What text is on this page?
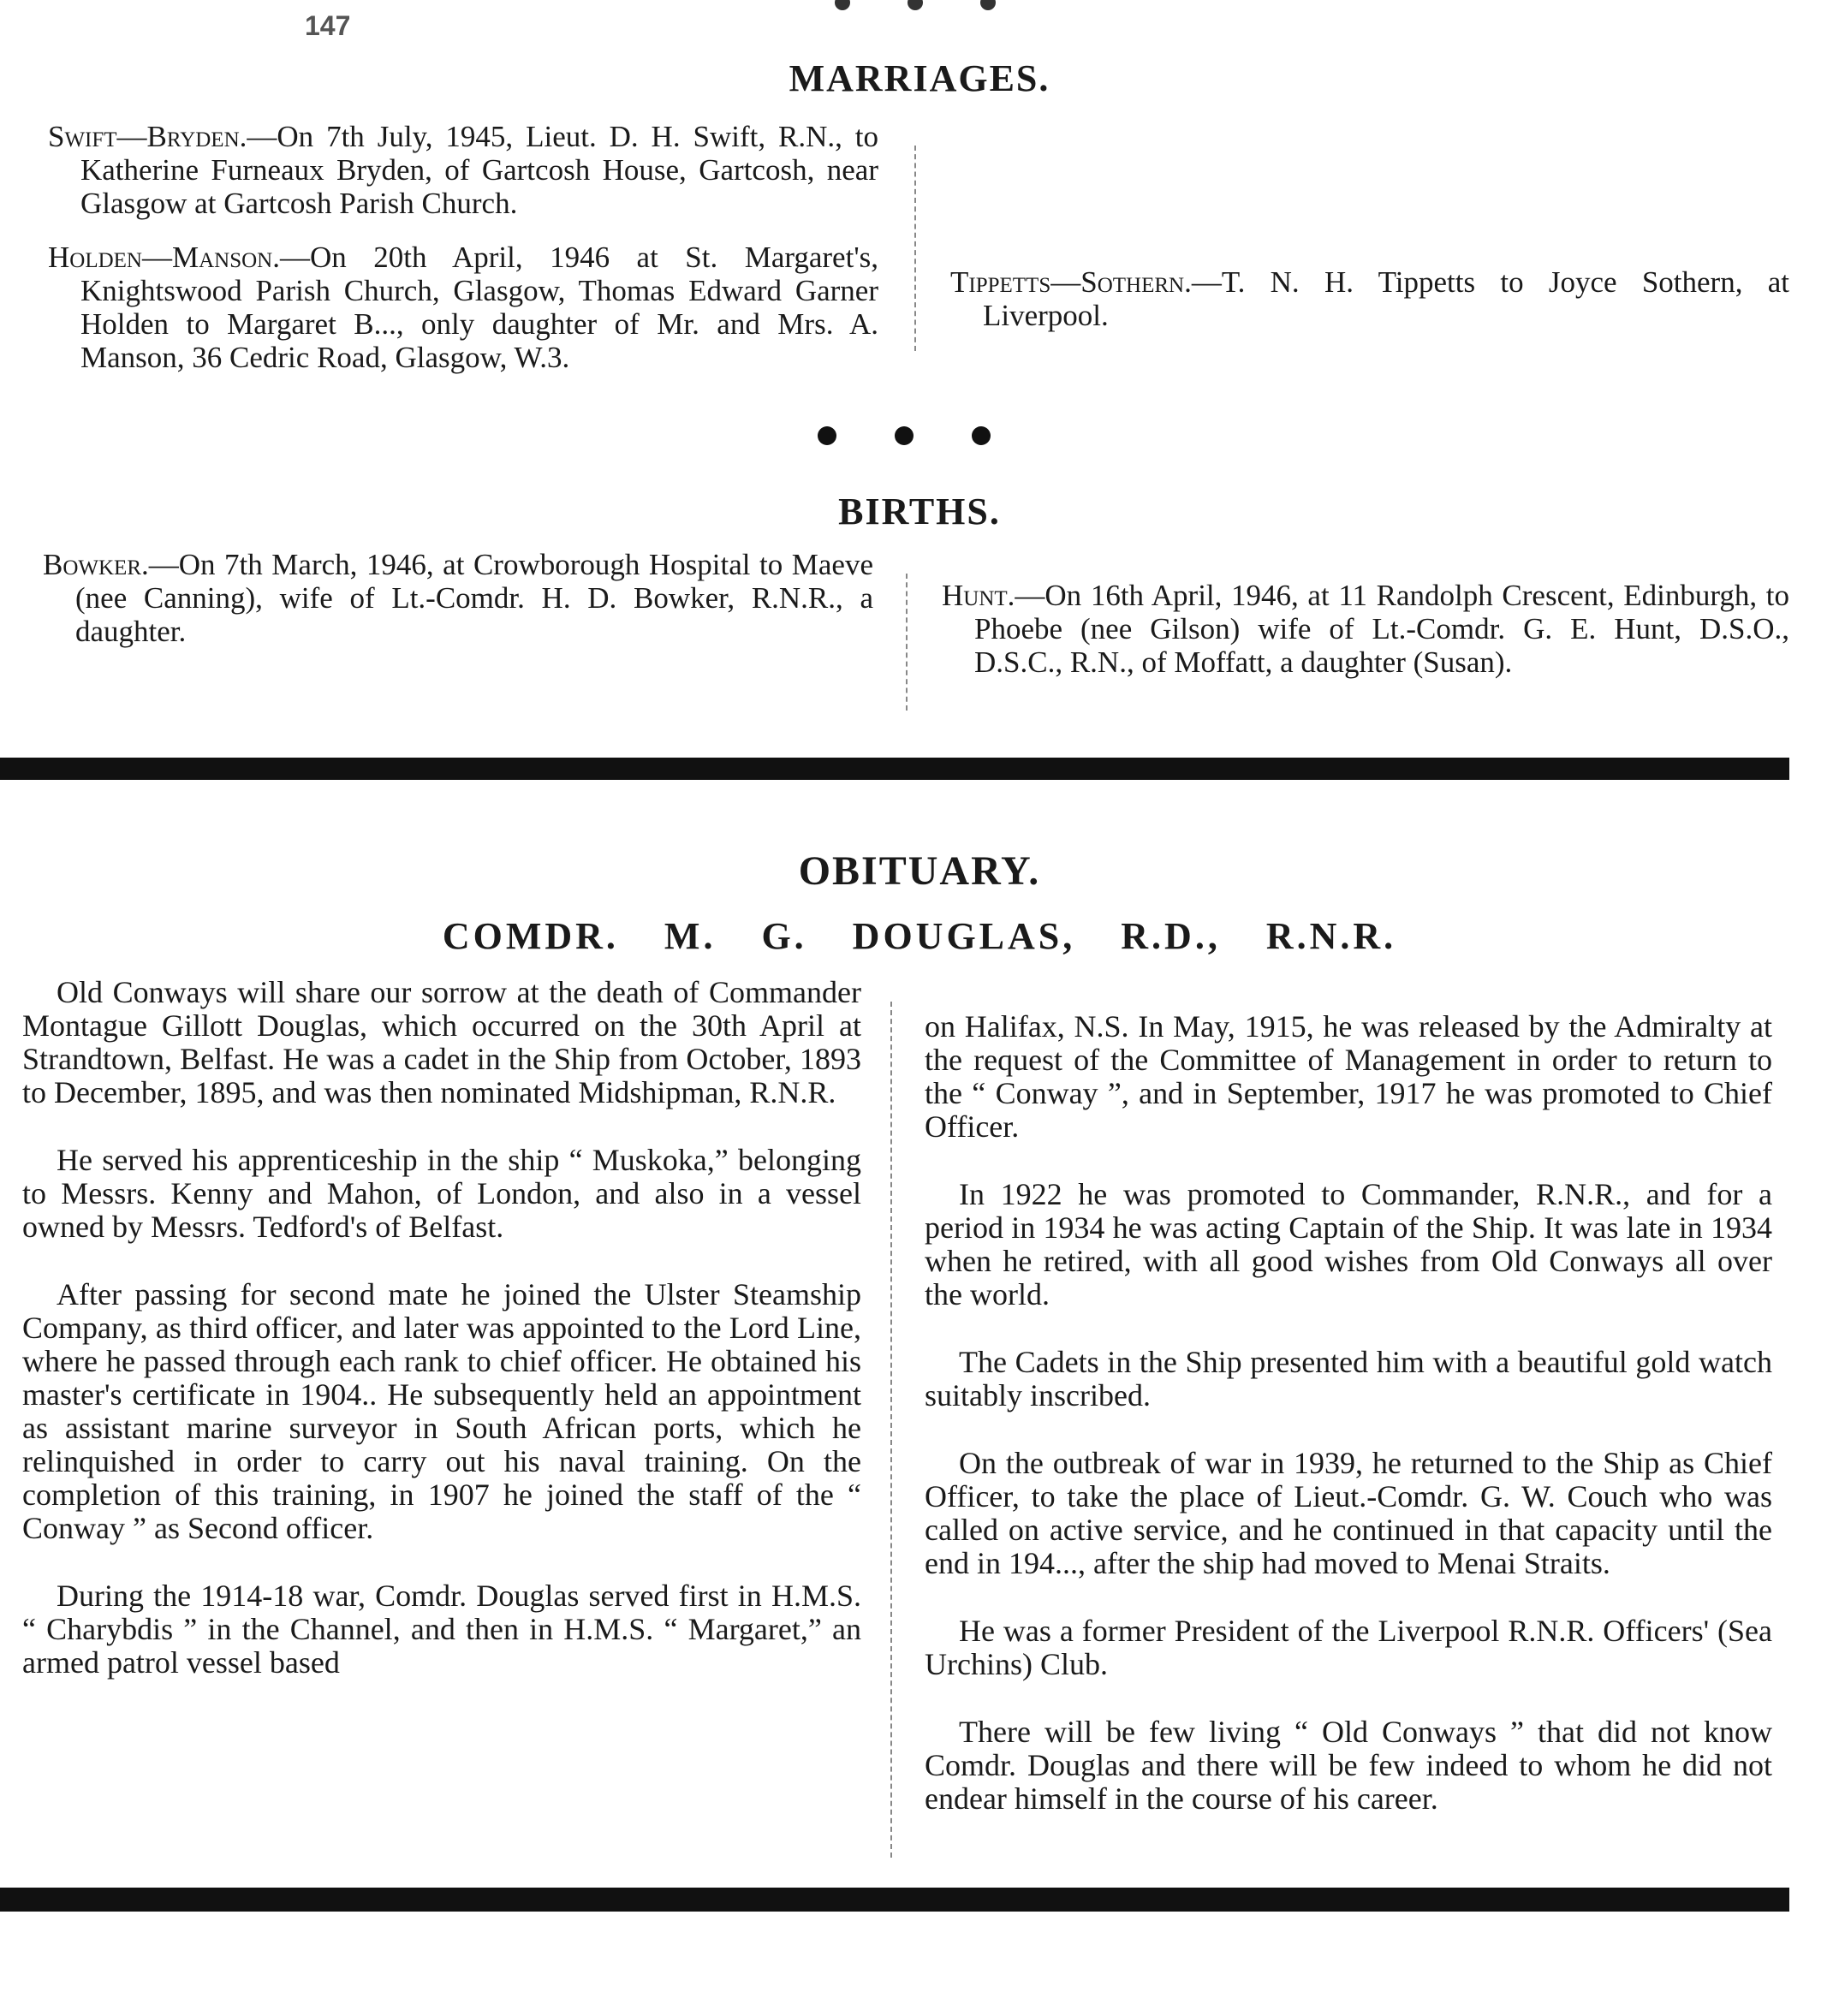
147
MARRIAGES.

Swift—Bryden.—On 7th July, 1945, Lieut. D. H. Swift, R.N., to Katherine Furneaux Bryden, of Gartcosh House, Gartcosh, near Glasgow at Gartcosh Parish Church.

Holden—Manson.—On 20th April, 1946 at St. Margaret's, Knightswood Parish Church, Glasgow, Thomas Edward Garner Holden to Margaret B..., only daughter of Mr. and Mrs. A. Manson, 36 Cedric Road, Glasgow, W.3.

Tippetts—Sothern.—T. N. H. Tippetts to Joyce Sothern, at Liverpool.

BIRTHS.

Bowker.—On 7th March, 1946, at Crowborough Hospital to Maeve (nee Canning), wife of Lt.-Comdr. H. D. Bowker, R.N.R., a daughter.

Hunt.—On 16th April, 1946, at 11 Randolph Crescent, Edinburgh, to Phoebe (nee Gilson) wife of Lt.-Comdr. G. E. Hunt, D.S.O., D.S.C., R.N., of Moffatt, a daughter (Susan).

OBITUARY.
COMDR. M. G. DOUGLAS, R.D., R.N.R.

Old Conways will share our sorrow at the death of Commander Montague Gillott Douglas, which occurred on the 30th April at Strandtown, Belfast. He was a cadet in the Ship from October, 1893 to December, 1895, and was then nominated Midshipman, R.N.R.

He served his apprenticeship in the ship “ Muskoka,” belonging to Messrs. Kenny and Mahon, of London, and also in a vessel owned by Messrs. Tedford's of Belfast.

After passing for second mate he joined the Ulster Steamship Company, as third officer, and later was appointed to the Lord Line, where he passed through each rank to chief officer. He obtained his master's certificate in 1904.. He subsequently held an appointment as assistant marine surveyor in South African ports, which he relinquished in order to carry out his naval training. On the completion of this training, in 1907 he joined the staff of the “ Conway ” as Second officer.

During the 1914-18 war, Comdr. Douglas served first in H.M.S. “ Charybdis ” in the Channel, and then in H.M.S. “ Margaret,” an armed patrol vessel based

on Halifax, N.S. In May, 1915, he was released by the Admiralty at the request of the Committee of Management in order to return to the “ Conway ”, and in September, 1917 he was promoted to Chief Officer.

In 1922 he was promoted to Commander, R.N.R., and for a period in 1934 he was acting Captain of the Ship. It was late in 1934 when he retired, with all good wishes from Old Conways all over the world.

The Cadets in the Ship presented him with a beautiful gold watch suitably inscribed.

On the outbreak of war in 1939, he returned to the Ship as Chief Officer, to take the place of Lieut.-Comdr. G. W. Couch who was called on active service, and he continued in that capacity until the end in 194..., after the ship had moved to Menai Straits.

He was a former President of the Liverpool R.N.R. Officers' (Sea Urchins) Club.

There will be few living “ Old Conways ” that did not know Comdr. Douglas and there will be few indeed to whom he did not endear himself in the course of his career.
